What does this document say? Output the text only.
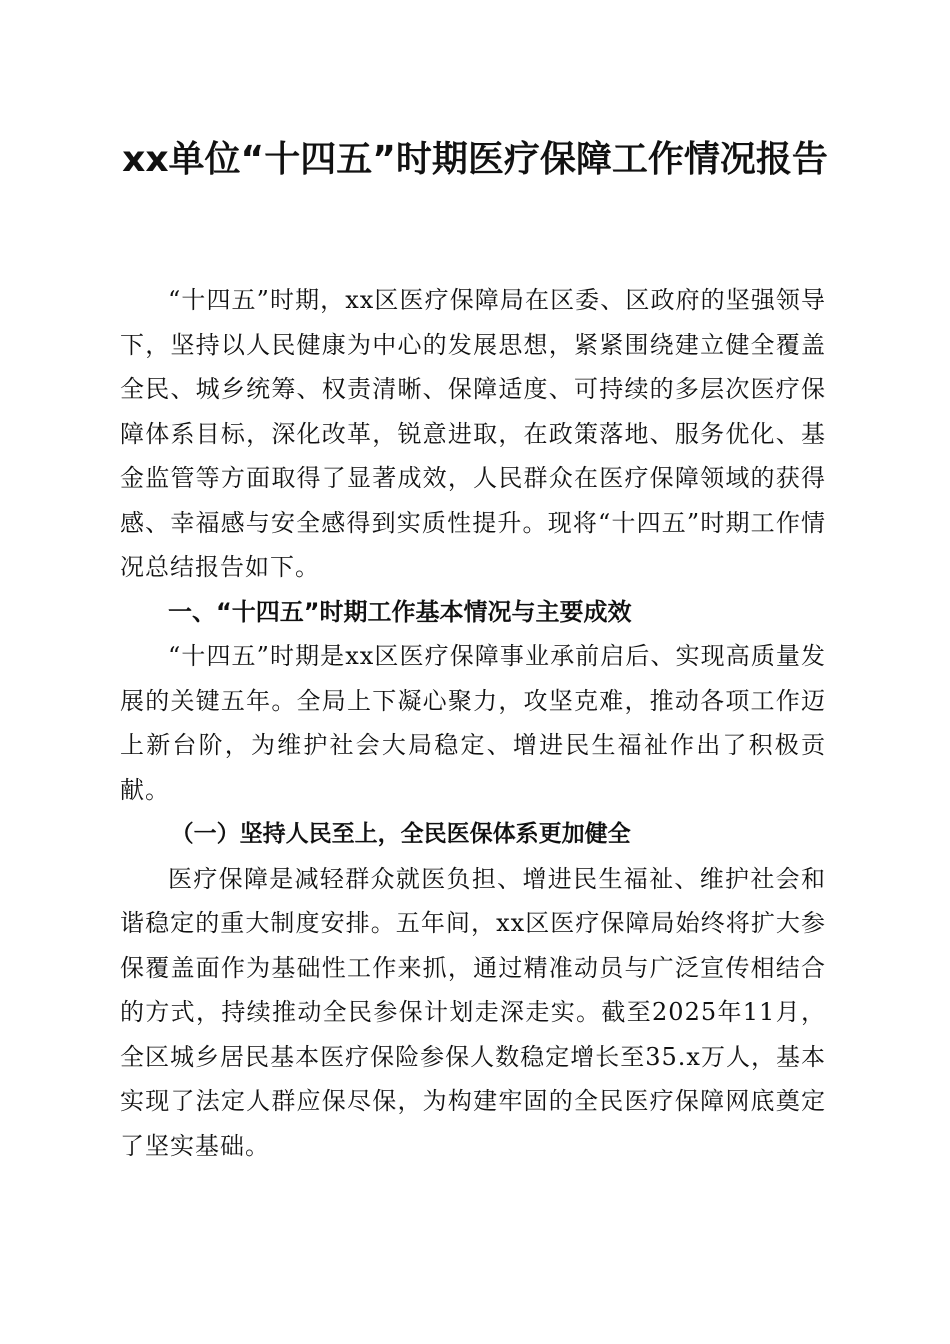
xx单位“十四五”时期医疗保障工作情况报告

“十四五”时期，xx区医疗保障局在区委、区政府的坚强领导下，坚持以人民健康为中心的发展思想，紧紧围绕建立健全覆盖全民、城乡统筹、权责清晰、保障适度、可持续的多层次医疗保障体系目标，深化改革，锐意进取，在政策落地、服务优化、基金监管等方面取得了显著成效，人民群众在医疗保障领域的获得感、幸福感与安全感得到实质性提升。现将“十四五”时期工作情况总结报告如下。

一、“十四五”时期工作基本情况与主要成效

“十四五”时期是xx区医疗保障事业承前启后、实现高质量发展的关键五年。全局上下凝心聚力，攻坚克难，推动各项工作迈上新台阶，为维护社会大局稳定、增进民生福祉作出了积极贡献。

（一）坚持人民至上，全民医保体系更加健全

医疗保障是减轻群众就医负担、增进民生福祉、维护社会和谐稳定的重大制度安排。五年间，xx区医疗保障局始终将扩大参保覆盖面作为基础性工作来抓，通过精准动员与广泛宣传相结合的方式，持续推动全民参保计划走深走实。截至2025年11月，全区城乡居民基本医疗保险参保人数稳定增长至35.x万人，基本实现了法定人群应保尽保，为构建牢固的全民医疗保障网底奠定了坚实基础。
